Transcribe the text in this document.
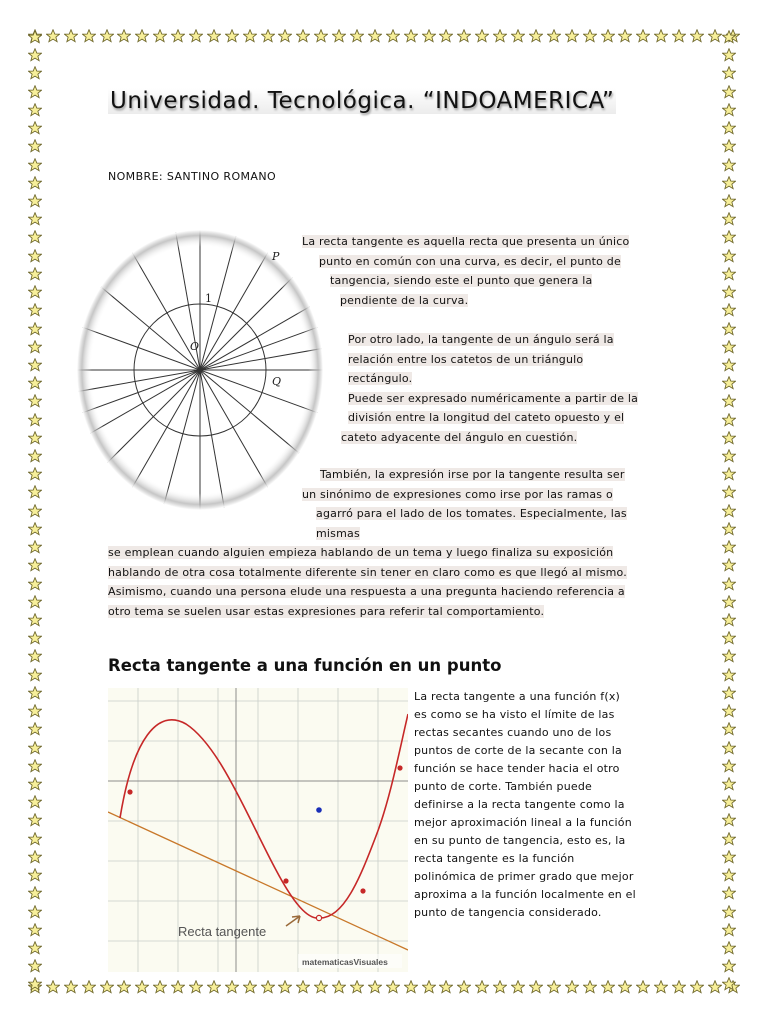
Universidad. Tecnológica. “INDOAMERICA”
NOMBRE: SANTINO ROMANO
1
O
Q
P
La recta tangente es aquella recta que presenta un único
punto en común con una curva, es decir, el punto de
tangencia, siendo este el punto que genera la
pendiente de la curva.
Por otro lado, la tangente de un ángulo será la
relación entre los catetos de un triángulo
rectángulo.
Puede ser expresado numéricamente a partir de la
división entre la longitud del cateto opuesto y el
cateto adyacente del ángulo en cuestión.
También, la expresión irse por la tangente resulta ser
un sinónimo de expresiones como irse por las ramas o
agarró para el lado de los tomates. Especialmente, las mismas
se emplean cuando alguien empieza hablando de un tema y luego finaliza su exposición
hablando de otra cosa totalmente diferente sin tener en claro como es que llegó al mismo.
Asimismo, cuando una persona elude una respuesta a una pregunta haciendo referencia a
otro tema se suelen usar estas expresiones para referir tal comportamiento.
Recta tangente a una función en un punto
Recta tangente
matematicasVisuales
La recta tangente a una función f(x)
es como se ha visto el límite de las
rectas secantes cuando uno de los
puntos de corte de la secante con la
función se hace tender hacia el otro
punto de corte. También puede
definirse a la recta tangente como la
mejor aproximación lineal a la función
en su punto de tangencia, esto es, la
recta tangente es la función
polinómica de primer grado que mejor
aproxima a la función localmente en el
punto de tangencia considerado.
